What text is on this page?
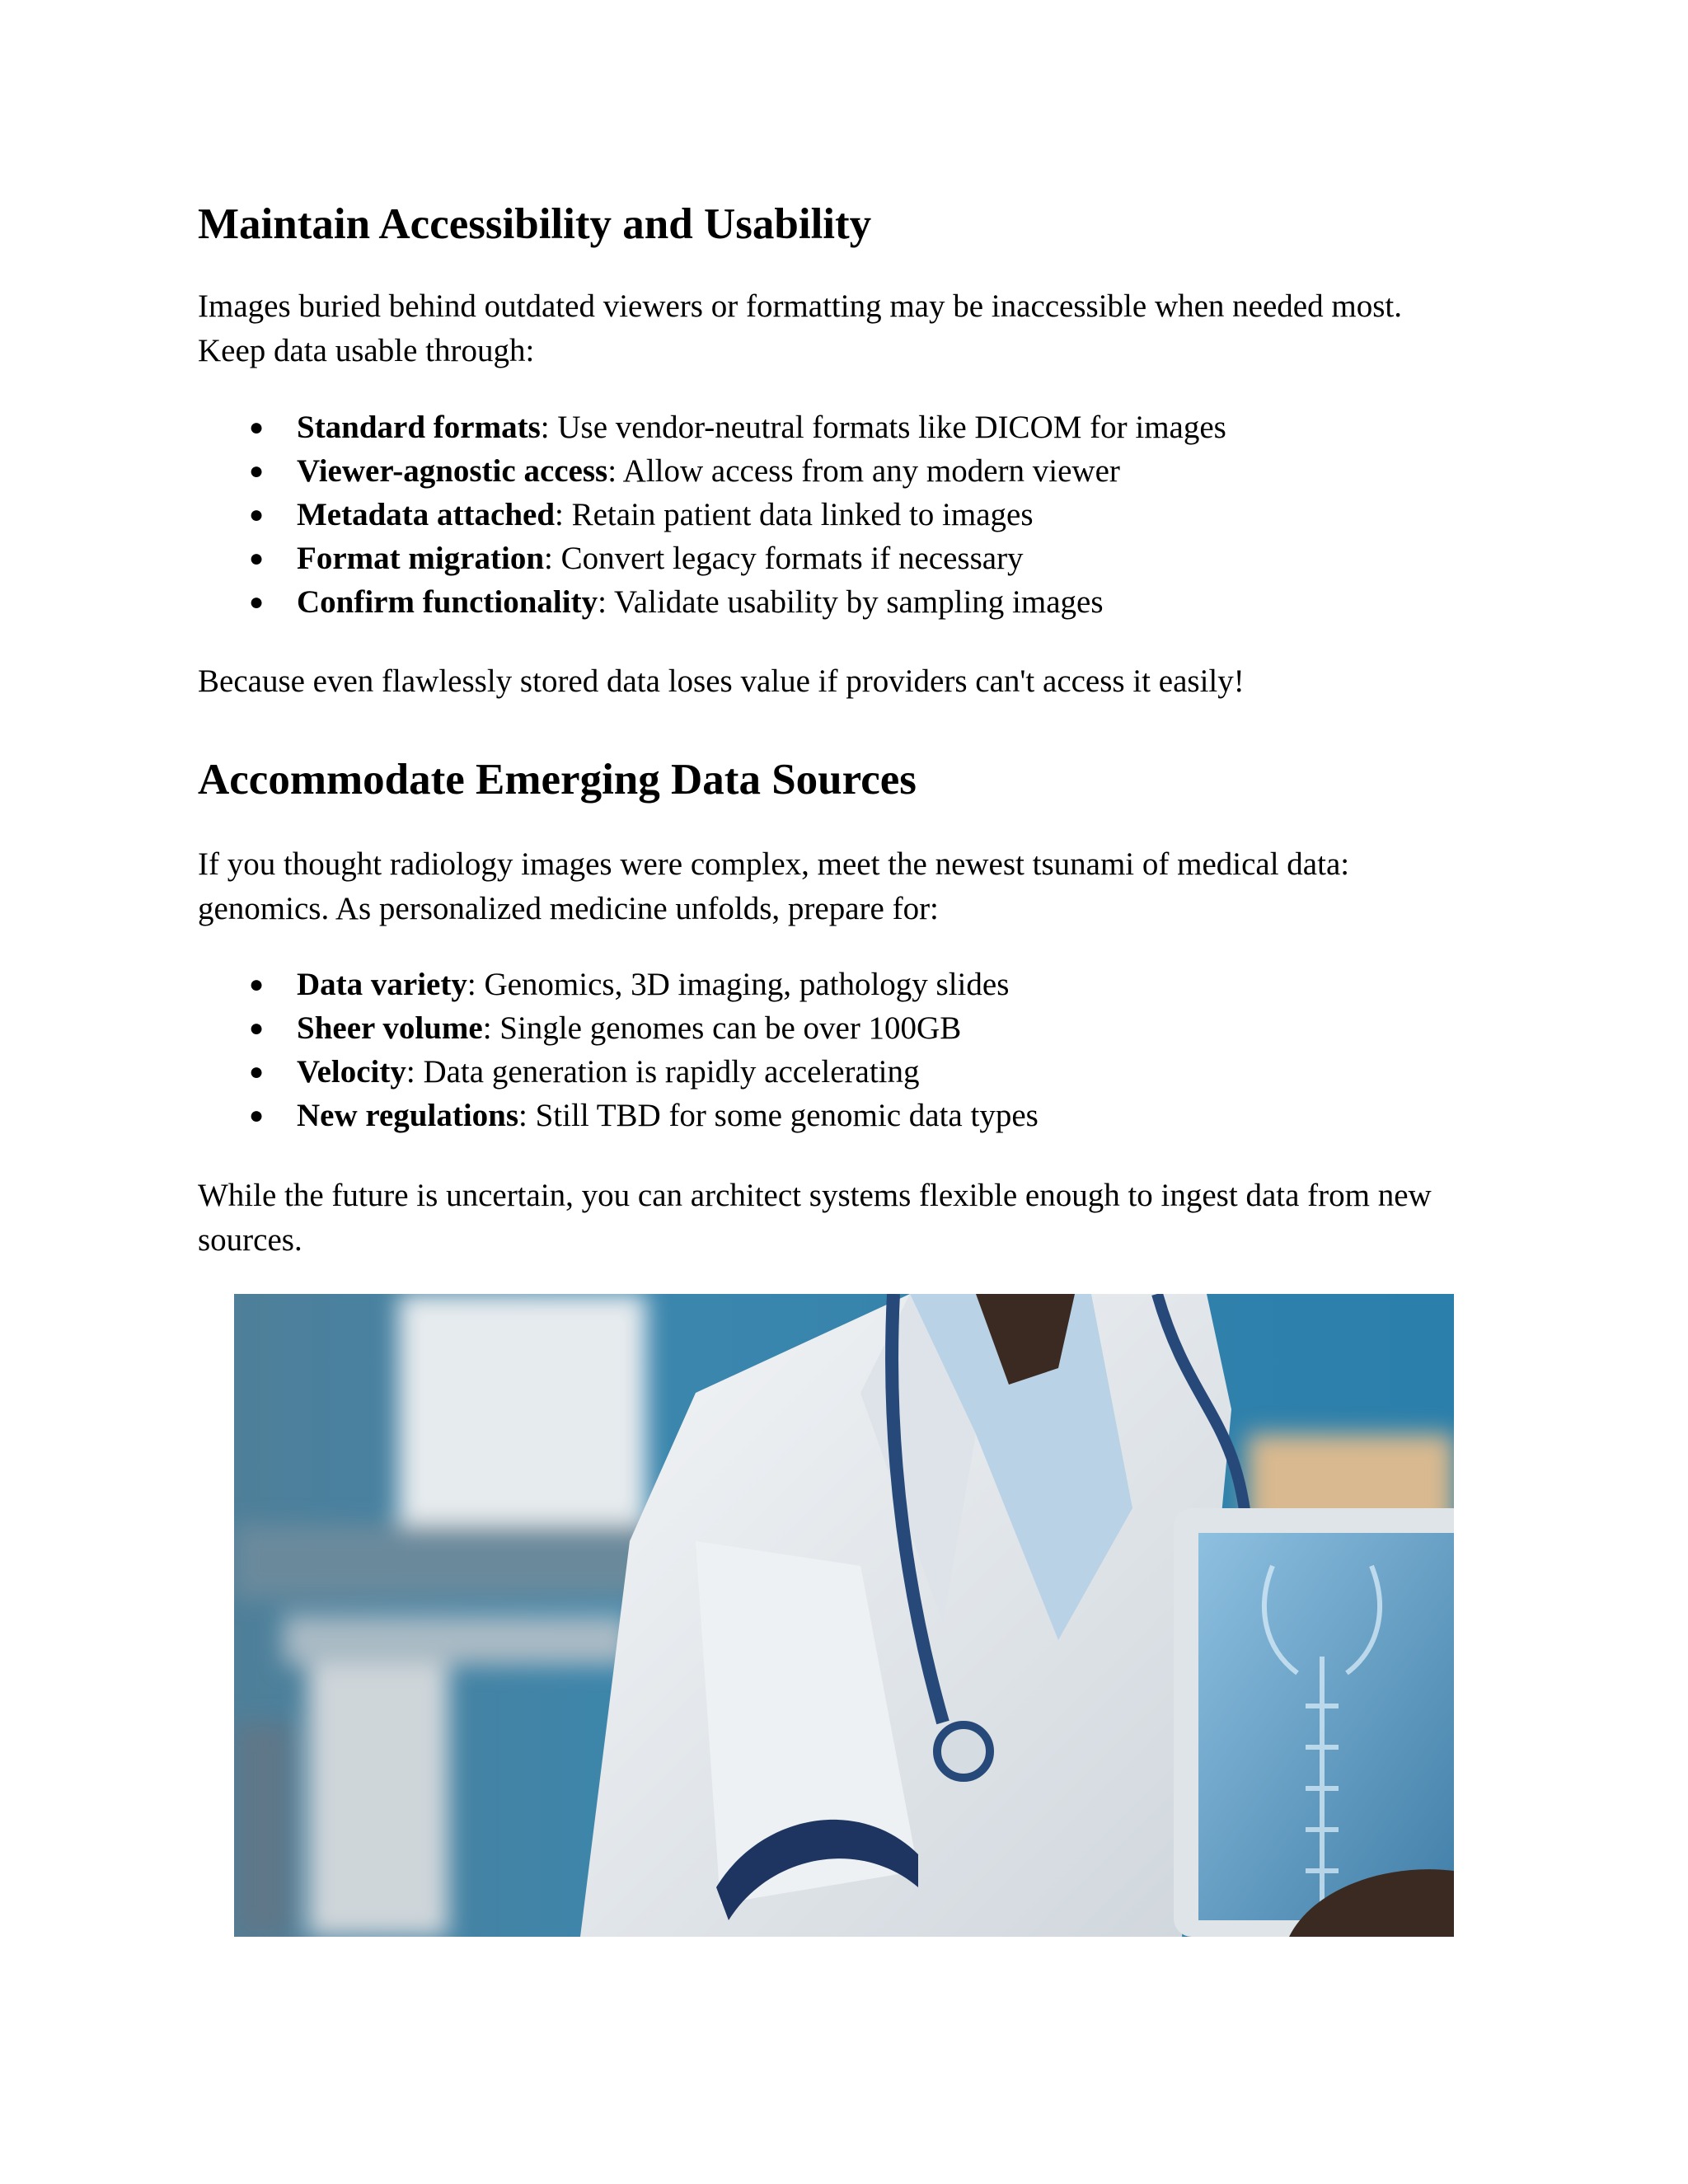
Maintain Accessibility and Usability
Images buried behind outdated viewers or formatting may be inaccessible when needed most.
Keep data usable through:
● Standard formats: Use vendor-neutral formats like DICOM for images
● Viewer-agnostic access: Allow access from any modern viewer
● Metadata attached: Retain patient data linked to images
● Format migration: Convert legacy formats if necessary
● Confirm functionality: Validate usability by sampling images
Because even flawlessly stored data loses value if providers can't access it easily!
Accommodate Emerging Data Sources
If you thought radiology images were complex, meet the newest tsunami of medical data:
genomics. As personalized medicine unfolds, prepare for:
● Data variety: Genomics, 3D imaging, pathology slides
● Sheer volume: Single genomes can be over 100GB
● Velocity: Data generation is rapidly accelerating
● New regulations: Still TBD for some genomic data types
While the future is uncertain, you can architect systems flexible enough to ingest data from new
sources.
